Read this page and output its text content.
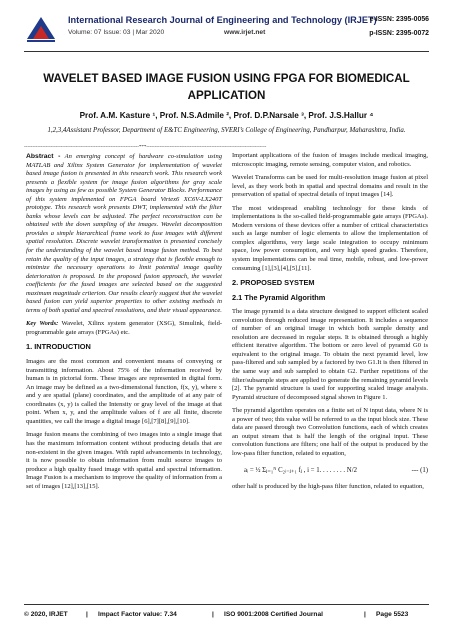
International Research Journal of Engineering and Technology (IRJET)
Volume: 07 Issue: 03 | Mar 2020	www.irjet.net
e-ISSN: 2395-0056
p-ISSN: 2395-0072
WAVELET BASED IMAGE FUSION USING FPGA FOR BIOMEDICAL APPLICATION
Prof. A.M. Kasture ¹, Prof. N.S.Admile ², Prof. D.P.Narsale ³, Prof. J.S.Hallur ⁴
1,2,3,4Assistant Professor, Department of E&TC Engineering, SVERI’s College of Engineering, Pandharpur, Maharashtra, India.
---------------------------------------------------------------------***------------------------------------------------------------------------

Abstract - An emerging concept of hardware co-simulation using MATLAB and Xilinx System Generator for implementation of wavelet based image fusion is presented in this research work. This research work presents a flexible system for image fusion algorithms for gray scale images by using as few as possible System Generator Blocks. Performance of this system implemented on FPGA board Virtex6 XC6V-LX240T prototype. This research work presents DWT, implemented with the filter banks whose levels can be adjusted. The perfect reconstruction can be obtained with the down sampling of the images. Wavelet decomposition provides a simple hierarchical frame work to fuse images with different spatial resolution. Discrete wavelet transformation is presented concisely for the understanding of the wavelet based image fusion method. To best retain the quality of the input images, a strategy that is flexible enough to minimize the necessary operations to limit potential image quality deterioration is proposed. In the proposed fusion approach, the wavelet coefficients for the fused images are selected based on the suggested maximum magnitude criterion. Our results clearly suggest that the wavelet based fusion can yield superior properties to other existing methods in terms of both spatial and spectral resolutions, and their visual appearance.

Key Words: Wavelet, Xilinx system generator (XSG), Simulink, field-programmable gate arrays (FPGAs) etc.

1. INTRODUCTION

Images are the most common and convenient means of conveying or transmitting information. About 75% of the information received by human is in pictorial form. These images are represented in digital form. An image may be defined as a two-dimensional function, f(x, y), where x and y are spatial (plane) coordinates, and the amplitude of at any pair of coordinates (x, y) is called the Intensity or gray level of the image at that point. When x, y, and the amplitude values of f are all finite, discrete quantities, we call the image a digital image [6],[7][8],[9],[10].

Image fusion means the combining of two images into a single image that has the maximum information content without producing details that are non-existent in the given images. With rapid advancements in technology, it is now possible to obtain information from multi source images to produce a high quality fused image with spatial and spectral information. Image Fusion is a mechanism to improve the quality of information from a set of images [12],[13],[15].

Important applications of the fusion of images include medical imaging, microscopic imaging, remote sensing, computer vision, and robotics.

Wavelet Transforms can be used for multi-resolution image fusion at pixel level, as they work both in spatial and spectral domains and result in the preservation of spatial of spectral details of input images [14].

The most widespread enabling technology for these kinds of implementations is the so-called field-programmable gate arrays (FPGAs). Modern versions of these devices offer a number of critical characteristics such as large number of logic elements to allow the implementation of complex algorithms, very large scale integration to occupy minimum space, low power consumption, and very high speed grades. Therefore, system implementations can be real time, mobile, robust, and low-power consuming [1],[3],[4],[5],[11].

2. PROPOSED SYSTEM
2.1 The Pyramid Algorithm

The image pyramid is a data structure designed to support efficient scaled convolution through reduced image representation. It includes a sequence of number of an original image in which both sample density and resolution are decreased in regular steps. It is obtained through a highly efficient iterative algorithm. The bottom or zero level of pyramid G0 is equivalent to the original image. To obtain the next pyramid level, low pass-filtered and sub sampled by a factored by two G1.It is then filtered in the same way and sub sampled to obtain G2. Further repetitions of the filter/subsample steps are applied to generate the remaining pyramid levels [2]. The pyramid structure is used for supporting scaled image analysis. Pyramid structure of decomposed signal shown in Figure 1.

The pyramid algorithm operates on a finite set of N input data, where N is a power of two; this value will be referred to as the input block size. These data are passed through two Convolution functions, each of which creates an output stream that is half the length of the original input. These convolution functions are filters; one half of the output is produced by the low-pass filter function, related to equation,

aᵢ = ½ Σⱼ₌₁ᴺ C₂ᵢ₋ⱼ₊₁ fⱼ , i = 1. . . . . . . . N/2	--- (1)

other half is produced by the high-pass filter function, related to equation,

© 2020, IRJET	| Impact Factor value: 7.34	| ISO 9001:2008 Certified Journal	| Page 5523
